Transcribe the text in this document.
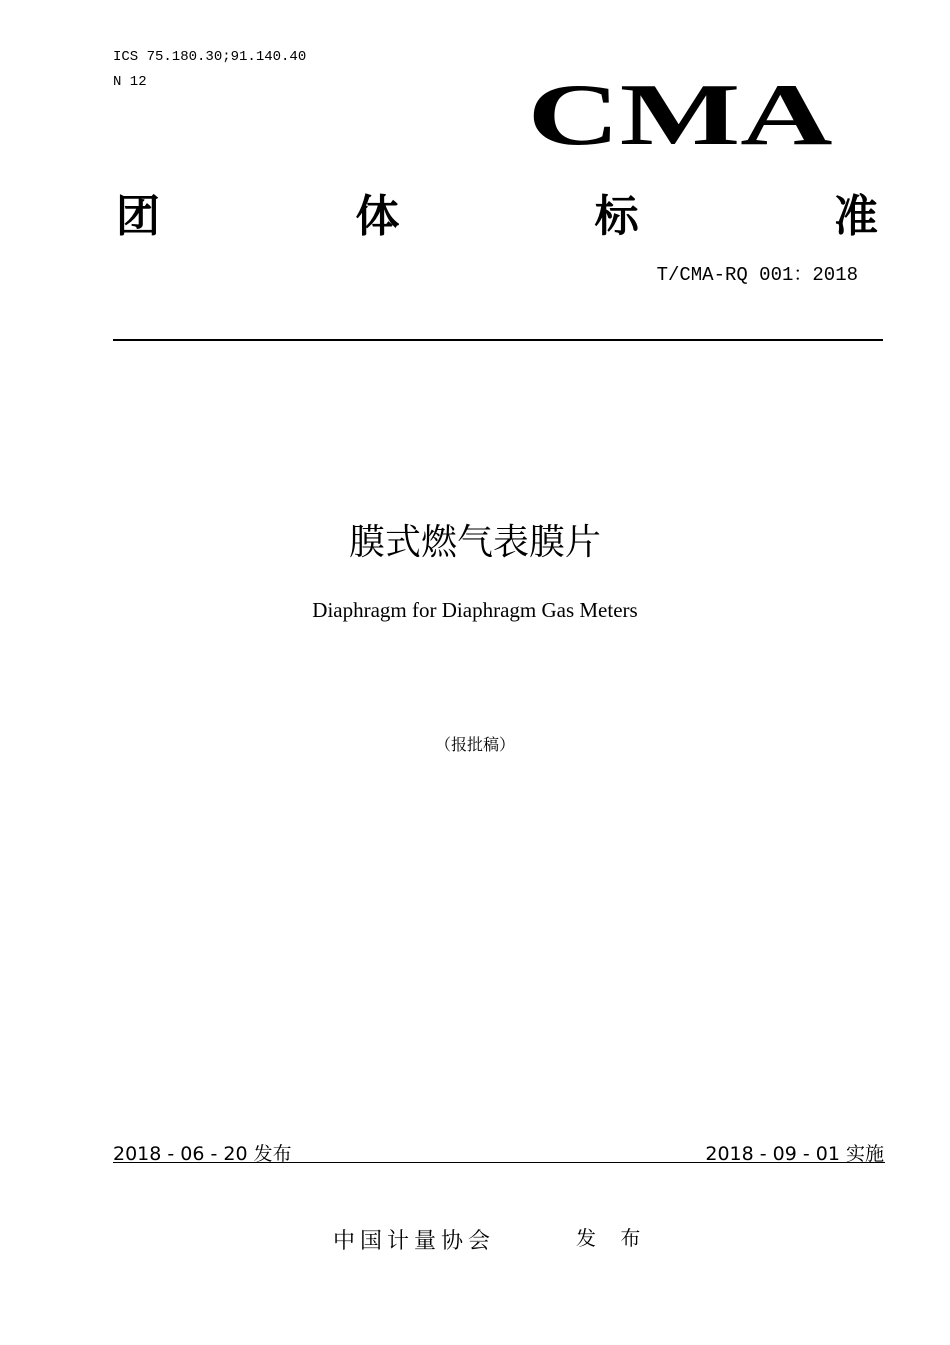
ICS 75.180.30;91.140.40
N 12	CMA
团	体	标	准
T/CMA-RQ 001：2018
膜式燃气表膜片
Diaphragm for Diaphragm Gas Meters
（报批稿）
2018 - 06 - 20 发布	2018 - 09 - 01 实施
中国计量协会	发 布
